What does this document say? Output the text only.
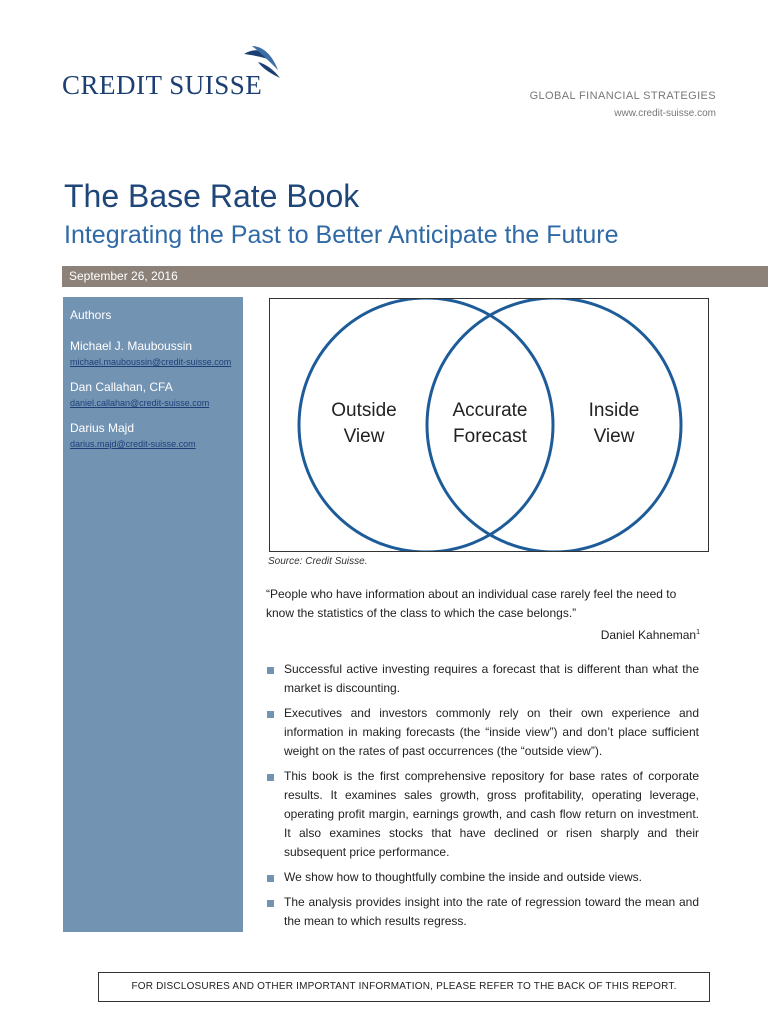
CREDIT SUISSE	GLOBAL FINANCIAL STRATEGIES
www.credit-suisse.com
The Base Rate Book
Integrating the Past to Better Anticipate the Future
September 26, 2016
Authors
Michael J. Mauboussin
michael.mauboussin@credit-suisse.com
Dan Callahan, CFA
daniel.callahan@credit-suisse.com
Darius Majd
darius.majd@credit-suisse.com
Outside
View
Accurate
Forecast
Inside
View
Source: Credit Suisse.
“People who have information about an individual case rarely feel the need to know the statistics of the class to which the case belongs.”
Daniel Kahneman$^1$
Successful active investing requires a forecast that is different than what the market is discounting.
Executives and investors commonly rely on their own experience and information in making forecasts (the “inside view”) and don’t place sufficient weight on the rates of past occurrences (the “outside view”).
This book is the first comprehensive repository for base rates of corporate results. It examines sales growth, gross profitability, operating leverage, operating profit margin, earnings growth, and cash flow return on investment. It also examines stocks that have declined or risen sharply and their subsequent price performance.
We show how to thoughtfully combine the inside and outside views.
The analysis provides insight into the rate of regression toward the mean and the mean to which results regress.
FOR DISCLOSURES AND OTHER IMPORTANT INFORMATION, PLEASE REFER TO THE BACK OF THIS REPORT.
